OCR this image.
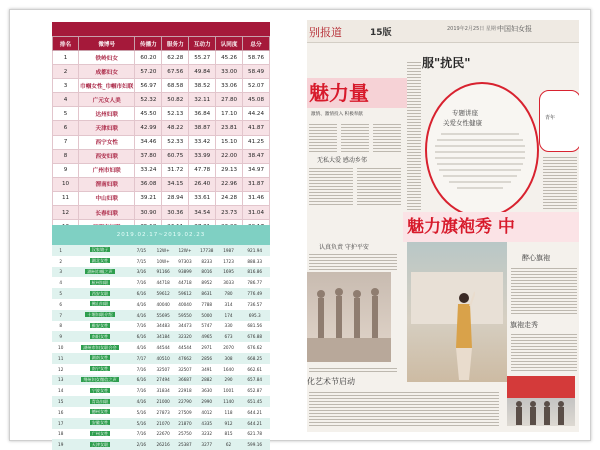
排名	微博号	传播力	服务力	互动力	认同度	总分
1	铁岭妇女	60.20	62.28	55.27	45.26	58.76
2	成都妇女	57.20	67.56	49.84	33.00	58.49
3	巾帼女性_巾帼市妇联	56.97	68.58	38.52	33.06	52.07
4	广元女人美	52.32	50.82	32.11	27.80	45.08
5	达州妇联	45.50	52.13	36.84	17.10	44.24
6	天津妇联	42.99	48.22	38.87	23.81	41.87
7	西宁女性	34.46	52.33	33.42	15.10	41.25
8	西安妇联	37.80	60.75	33.99	22.00	38.47
9	广州市妇联	33.24	31.72	47.78	29.13	34.97
10	渭南妇联	36.08	34.15	26.40	22.96	31.87
11	中山妇联	39.21	28.94	33.61	24.28	31.46
12	长春妇联	30.90	30.36	34.54	23.73	31.04

2019.02.17~2019.02.23
1	汉家娘子	7/15	12W+	12W+	17738	1987	921.94
2	湖北女性	7/15	10W+	97303	8233	1723	888.33
3	湖州巾帼之声	3/16	91166	93899	8016	1695	816.86
4	杭州妇联	7/16	44718	44718	8952	3033	786.77
5	西安女联	6/16	59612	59612	8631	780	776.49
6	佛山妇联	4/16	40040	40040	7788	314	736.57
7	十堰妇联介绍	4/16	55695	59550	5000	174	695.3
8	雅安女性	7/16	34483	34473	5747	330	681.56
9	南阳女性	6/16	34184	32320	4965	673	676.88
10	湖州市妇女联合会	4/16	44544	44544	2971	2070	676.62
11	湖南女性	7/17	40510	47662	2856	308	668.25
12	南宁女性	7/16	32507	32507	3491	1640	662.61
13	荆州妇女微信之声	6/16	27494	36687	2882	290	657.84
14	宁波女性	7/16	31834	22918	3630	1001	652.87
15	青岛妇联	4/16	21000	22790	2990	1140	651.45
16	德州女性	5/16	27873	27509	4012	118	644.21
17	安徽女性	5/16	21070	21870	4335	912	644.21
18	广州女性	7/16	22670	25750	3232	815	621.78
19	天津女联	2/16	26216	25387	3277	62	599.16
别报道	15版	2019年2月25日 星期一
中国妇女报
魅力量
激情、激情投入 积极奉献
服"扰民"
专题讲座
关爱女性健康
青年
无私大爱 感动乡邻
魅力旗袍秀 中
认真负责 守护平安
醉心旗袍
旗袍走秀
化艺术节启动
